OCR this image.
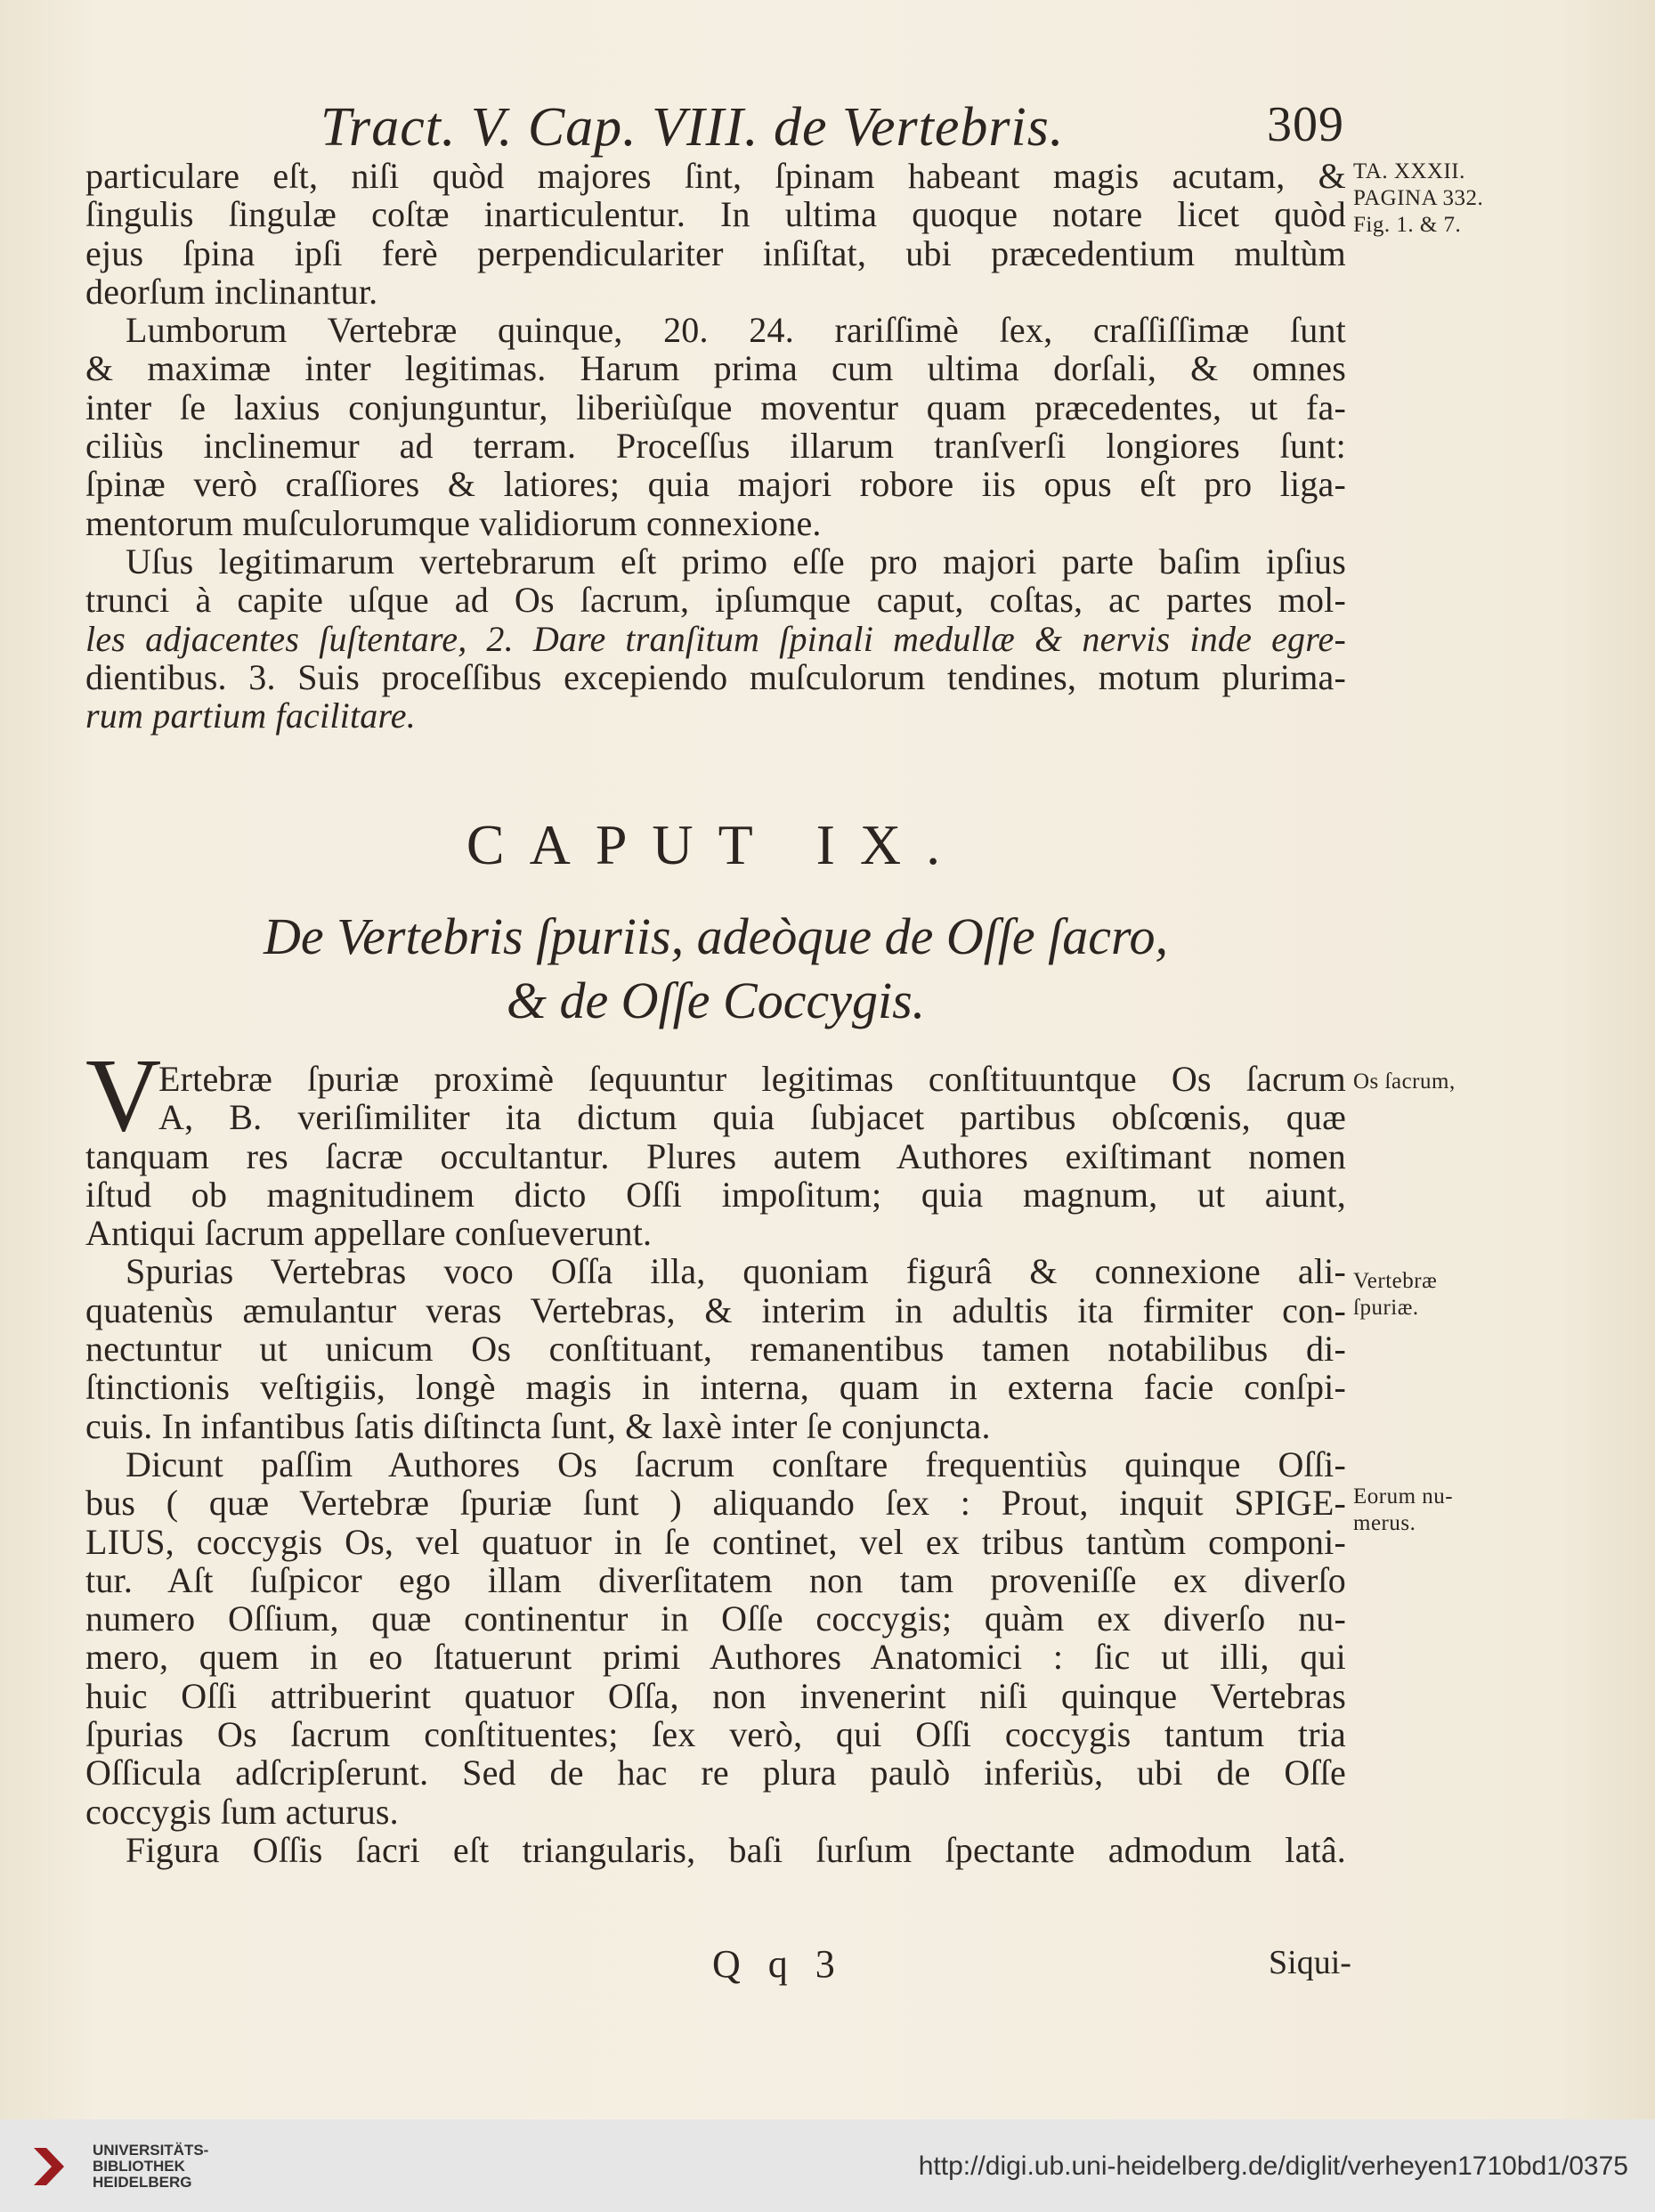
Tract. V. Cap. VIII. de Vertebris.	309
particulare eſt, niſi quòd majores ſint, ſpinam habeant magis acutam, &
ſingulis ſingulæ coſtæ inarticulentur. In ultima quoque notare licet quòd
ejus ſpina ipſi ferè perpendiculariter inſiſtat, ubi præcedentium multùm
deorſum inclinantur.
Lumborum Vertebræ quinque, 20. 24. rariſſimè ſex, craſſiſſimæ ſunt
& maximæ inter legitimas. Harum prima cum ultima dorſali, & omnes
inter ſe laxius conjunguntur, liberiùſque moventur quam præcedentes, ut fa-
ciliùs inclinemur ad terram. Proceſſus illarum tranſverſi longiores ſunt:
ſpinæ verò craſſiores & latiores; quia majori robore iis opus eſt pro liga-
mentorum muſculorumque validiorum connexione.
Uſus legitimarum vertebrarum eſt primo eſſe pro majori parte baſim ipſius
trunci à capite uſque ad Os ſacrum, ipſumque caput, coſtas, ac partes mol-
les adjacentes ſuſtentare, 2. Dare tranſitum ſpinali medullæ & nervis inde egre-
dientibus. 3. Suis proceſſibus excepiendo muſculorum tendines, motum plurima-
rum partium facilitare.
CAPUT IX.
De Vertebris ſpuriis, adeòque de Oſſe ſacro,
& de Oſſe Coccygis.
V
Ertebræ ſpuriæ proximè ſequuntur legitimas conſtituuntque Os ſacrum
A, B. veriſimiliter ita dictum quia ſubjacet partibus obſcœnis, quæ
tanquam res ſacræ occultantur. Plures autem Authores exiſtimant nomen
iſtud ob magnitudinem dicto Oſſi impoſitum; quia magnum, ut aiunt,
Antiqui ſacrum appellare conſueverunt.
Spurias Vertebras voco Oſſa illa, quoniam figurâ & connexione ali-
quatenùs æmulantur veras Vertebras, & interim in adultis ita firmiter con-
nectuntur ut unicum Os conſtituant, remanentibus tamen notabilibus di-
ſtinctionis veſtigiis, longè magis in interna, quam in externa facie conſpi-
cuis. In infantibus ſatis diſtincta ſunt, & laxè inter ſe conjuncta.
Dicunt paſſim Authores Os ſacrum conſtare frequentiùs quinque Oſſi-
bus ( quæ Vertebræ ſpuriæ ſunt ) aliquando ſex : Prout, inquit SPIGE-
LIUS, coccygis Os, vel quatuor in ſe continet, vel ex tribus tantùm componi-
tur. Aſt ſuſpicor ego illam diverſitatem non tam proveniſſe ex diverſo
numero Oſſium, quæ continentur in Oſſe coccygis; quàm ex diverſo nu-
mero, quem in eo ſtatuerunt primi Authores Anatomici : ſic ut illi, qui
huic Oſſi attribuerint quatuor Oſſa, non invenerint niſi quinque Vertebras
ſpurias Os ſacrum conſtituentes; ſex verò, qui Oſſi coccygis tantum tria
Oſſicula adſcripſerunt. Sed de hac re plura paulò inferiùs, ubi de Oſſe
coccygis ſum acturus.
Figura Oſſis ſacri eſt triangularis, baſi ſurſum ſpectante admodum latâ.
Q q 3	Siqui-
TA. XXXII.
PAGINA 332.
Fig. 1. & 7.
Os ſacrum,
Vertebræ
ſpuriæ.
Eorum nu-
merus.
UNIVERSITÄTS-
BIBLIOTHEK
HEIDELBERG
http://digi.ub.uni-heidelberg.de/diglit/verheyen1710bd1/0375
